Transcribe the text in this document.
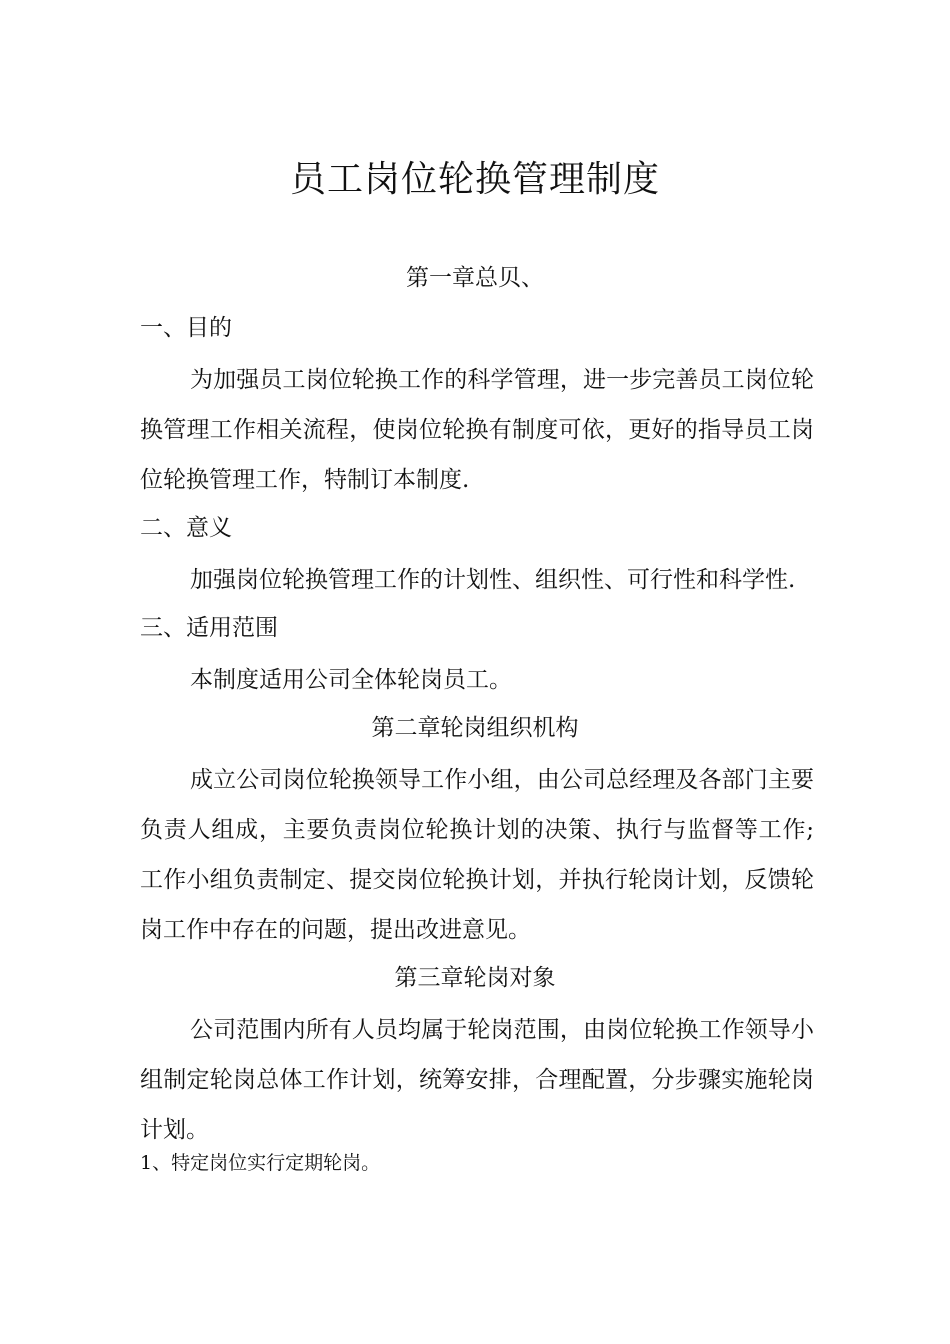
员工岗位轮换管理制度
第一章总贝、
一、目的
为加强员工岗位轮换工作的科学管理，进一步完善员工岗位轮换管理工作相关流程，使岗位轮换有制度可依，更好的指导员工岗位轮换管理工作，特制订本制度.
二、意义
加强岗位轮换管理工作的计划性、组织性、可行性和科学性.
三、适用范围
本制度适用公司全体轮岗员工。
第二章轮岗组织机构
成立公司岗位轮换领导工作小组，由公司总经理及各部门主要负责人组成，主要负责岗位轮换计划的决策、执行与监督等工作;工作小组负责制定、提交岗位轮换计划，并执行轮岗计划，反馈轮岗工作中存在的问题，提出改进意见。
第三章轮岗对象
公司范围内所有人员均属于轮岗范围，由岗位轮换工作领导小组制定轮岗总体工作计划，统筹安排，合理配置，分步骤实施轮岗计划。
1、特定岗位实行定期轮岗。
